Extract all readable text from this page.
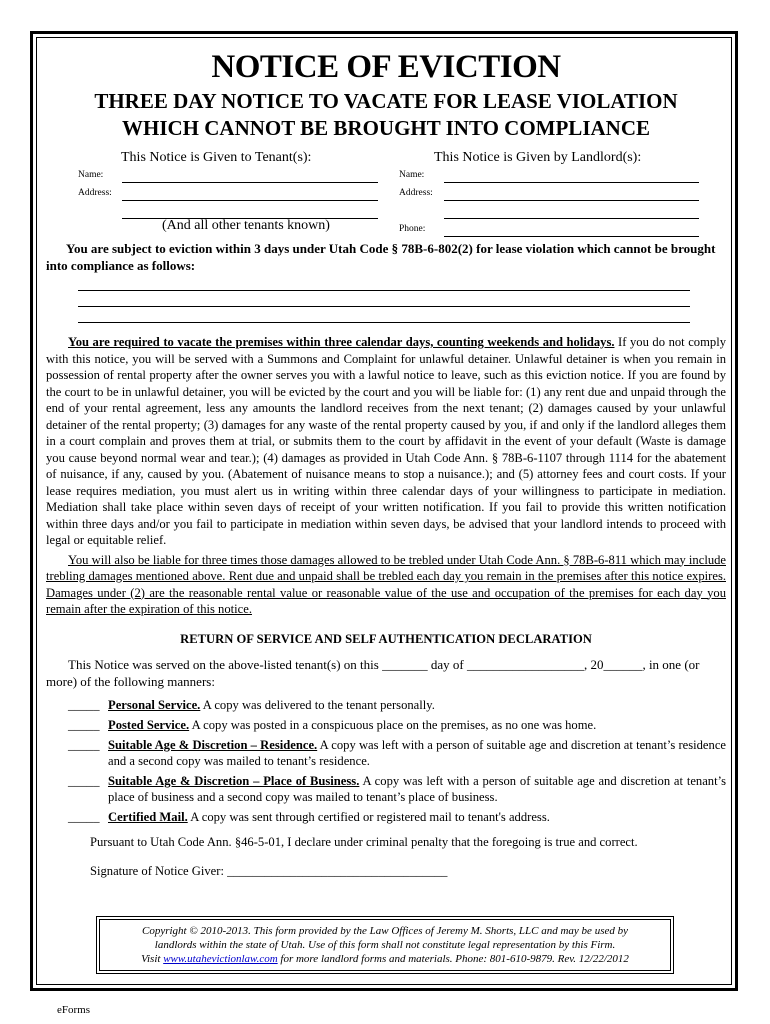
NOTICE OF EVICTION
THREE DAY NOTICE TO VACATE FOR LEASE VIOLATION
WHICH CANNOT BE BROUGHT INTO COMPLIANCE
This Notice is Given to Tenant(s):	This Notice is Given by Landlord(s):
Name:	Name:
Address:	Address:
(And all other tenants known)	Phone:
You are subject to eviction within 3 days under Utah Code § 78B-6-802(2) for lease violation which cannot be brought into compliance as follows:
You are required to vacate the premises within three calendar days, counting weekends and holidays. If you do not comply with this notice, you will be served with a Summons and Complaint for unlawful detainer. Unlawful detainer is when you remain in possession of rental property after the owner serves you with a lawful notice to leave, such as this eviction notice. If you are found by the court to be in unlawful detainer, you will be evicted by the court and you will be liable for: (1) any rent due and unpaid through the end of your rental agreement, less any amounts the landlord receives from the next tenant; (2) damages caused by your unlawful detainer of the rental property; (3) damages for any waste of the rental property caused by you, if and only if the landlord alleges them in a court complain and proves them at trial, or submits them to the court by affidavit in the event of your default (Waste is damage you cause beyond normal wear and tear.); (4) damages as provided in Utah Code Ann. § 78B-6-1107 through 1114 for the abatement of nuisance, if any, caused by you. (Abatement of nuisance means to stop a nuisance.); and (5) attorney fees and court costs. If your lease requires mediation, you must alert us in writing within three calendar days of your willingness to participate in mediation. Mediation shall take place within seven days of receipt of your written notification. If you fail to provide this written notification within three days and/or you fail to participate in mediation within seven days, be advised that your landlord intends to proceed with legal or equitable relief.
You will also be liable for three times those damages allowed to be trebled under Utah Code Ann. § 78B-6-811 which may include trebling damages mentioned above. Rent due and unpaid shall be trebled each day you remain in the premises after this notice expires. Damages under (2) are the reasonable rental value or reasonable value of the use and occupation of the premises for each day you remain after the expiration of this notice.
RETURN OF SERVICE AND SELF AUTHENTICATION DECLARATION
This Notice was served on the above-listed tenant(s) on this _______ day of __________________, 20______, in one (or more) of the following manners:
_____ Personal Service. A copy was delivered to the tenant personally.
_____ Posted Service. A copy was posted in a conspicuous place on the premises, as no one was home.
_____ Suitable Age & Discretion – Residence. A copy was left with a person of suitable age and discretion at tenant’s residence and a second copy was mailed to tenant’s residence.
_____ Suitable Age & Discretion – Place of Business. A copy was left with a person of suitable age and discretion at tenant’s place of business and a second copy was mailed to tenant’s place of business.
_____ Certified Mail. A copy was sent through certified or registered mail to tenant's address.
Pursuant to Utah Code Ann. §46-5-01, I declare under criminal penalty that the foregoing is true and correct.
Signature of Notice Giver: ___________________________________
Copyright © 2010-2013. This form provided by the Law Offices of Jeremy M. Shorts, LLC and may be used by
landlords within the state of Utah. Use of this form shall not constitute legal representation by this Firm.
Visit www.utahevictionlaw.com for more landlord forms and materials. Phone: 801-610-9879. Rev. 12/22/2012
eForms
